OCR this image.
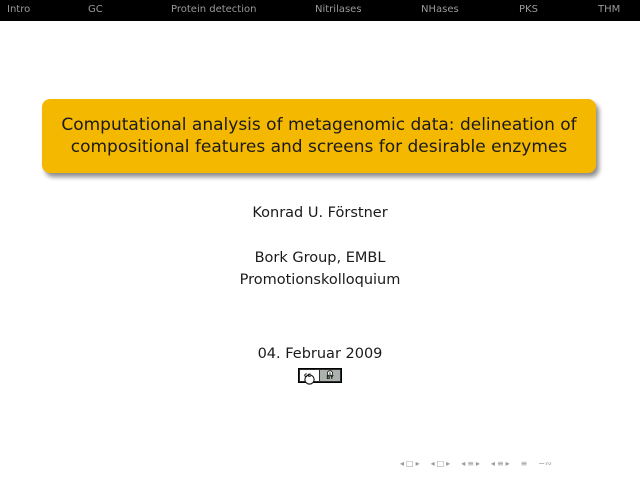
Intro	GC	Protein detection	Nitrilases	NHases	PKS	THM
Computational analysis of metagenomic data: delineation of
compositional features and screens for desirable enzymes
Konrad U. Förstner
Bork Group, EMBL
Promotionskolloquium
04. Februar 2009
cc	BY
◂ □ ▸ ◂ □ ▸ ◂ ≡ ▸ ◂ ≡ ▸ ≡ ∽∾
